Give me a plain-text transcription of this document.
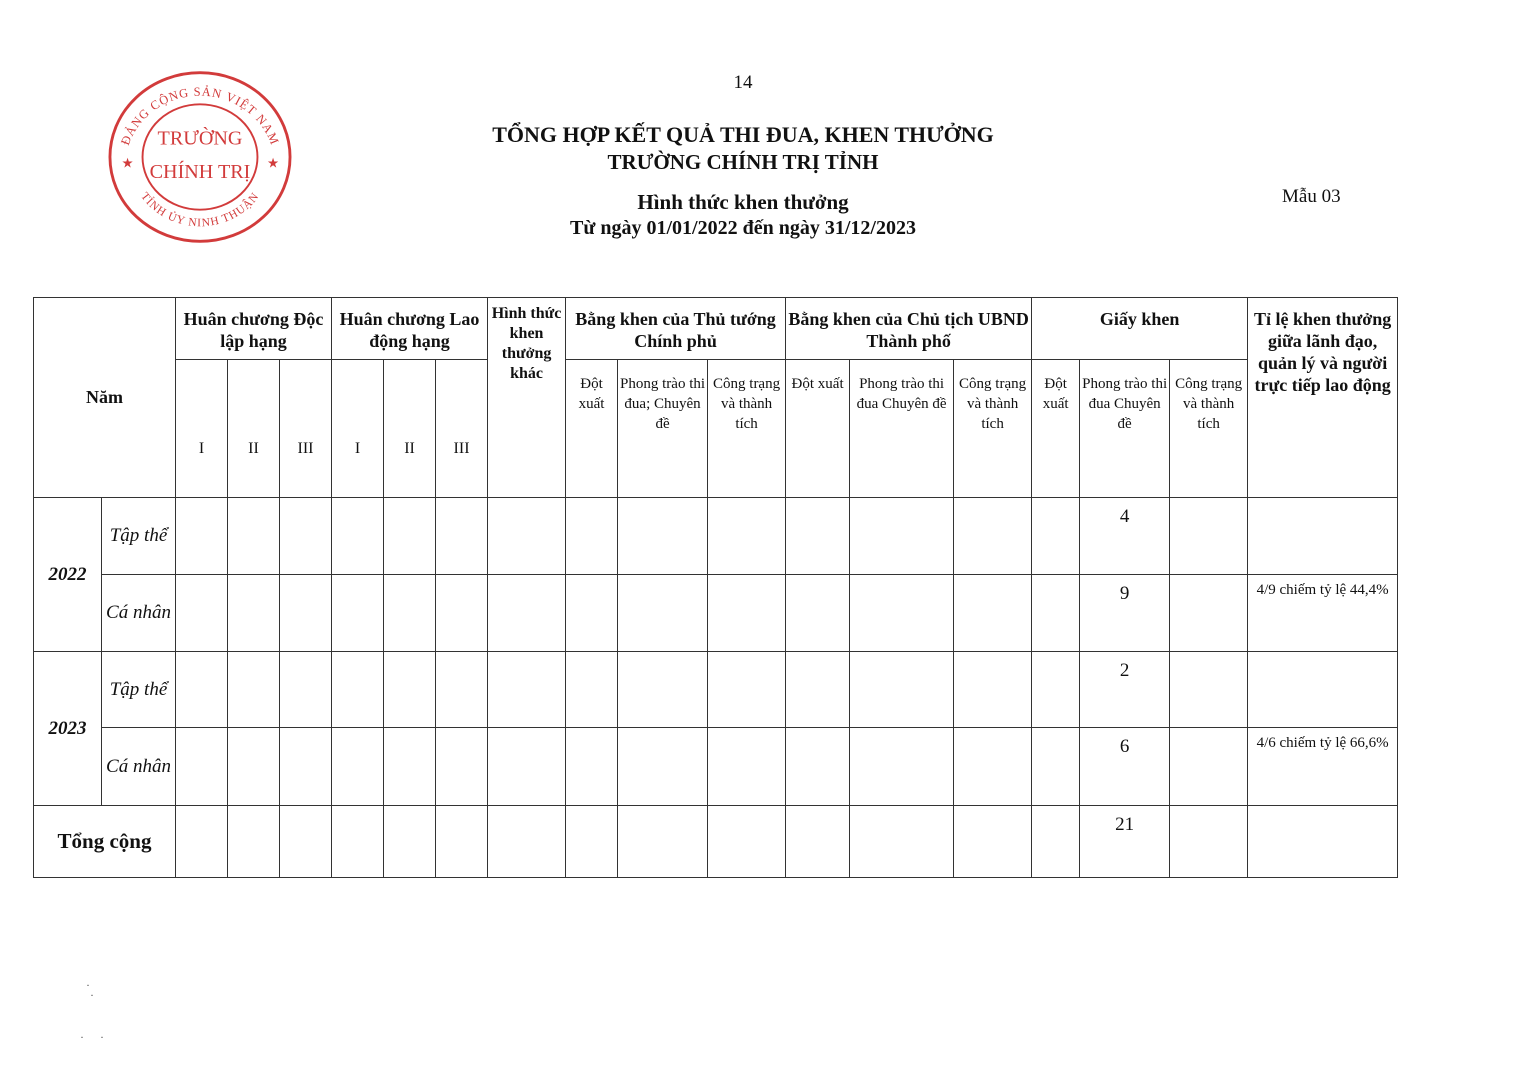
14
ĐẢNG CỘNG SẢN VIỆT NAM
TỈNH ỦY NINH THUẬN
TRƯỜNG
CHÍNH TRỊ
★	★
TỔNG HỢP KẾT QUẢ THI ĐUA, KHEN THƯỞNG
TRƯỜNG CHÍNH TRỊ TỈNH
Hình thức khen thưởng
Từ ngày 01/01/2022 đến ngày 31/12/2023
Mẫu 03
Năm		Huân chương Độc lập hạng			Huân chương Lao động hạng			Hình thức khen thưởng khác	Bằng khen của Thủ tướng Chính phủ			Bằng khen của Chủ tịch UBND Thành phố			Giấy khen			Tỉ lệ khen thưởng giữa lãnh đạo, quản lý và người trực tiếp lao động
		I	II	III	I	II	III		Đột xuất	Phong trào thi đua; Chuyên đề	Công trạng và thành tích	Đột xuất	Phong trào thi đua Chuyên đề	Công trạng và thành tích	Đột xuất	Phong trào thi đua Chuyên đề	Công trạng và thành tích	
2022	Tập thể															4		
	Cá nhân															9		4/9 chiếm tỷ lệ 44,4%
2023	Tập thể															2		
	Cá nhân															6		4/6 chiếm tỷ lệ 66,6%
Tổng cộng																21		
·
·
· ·
